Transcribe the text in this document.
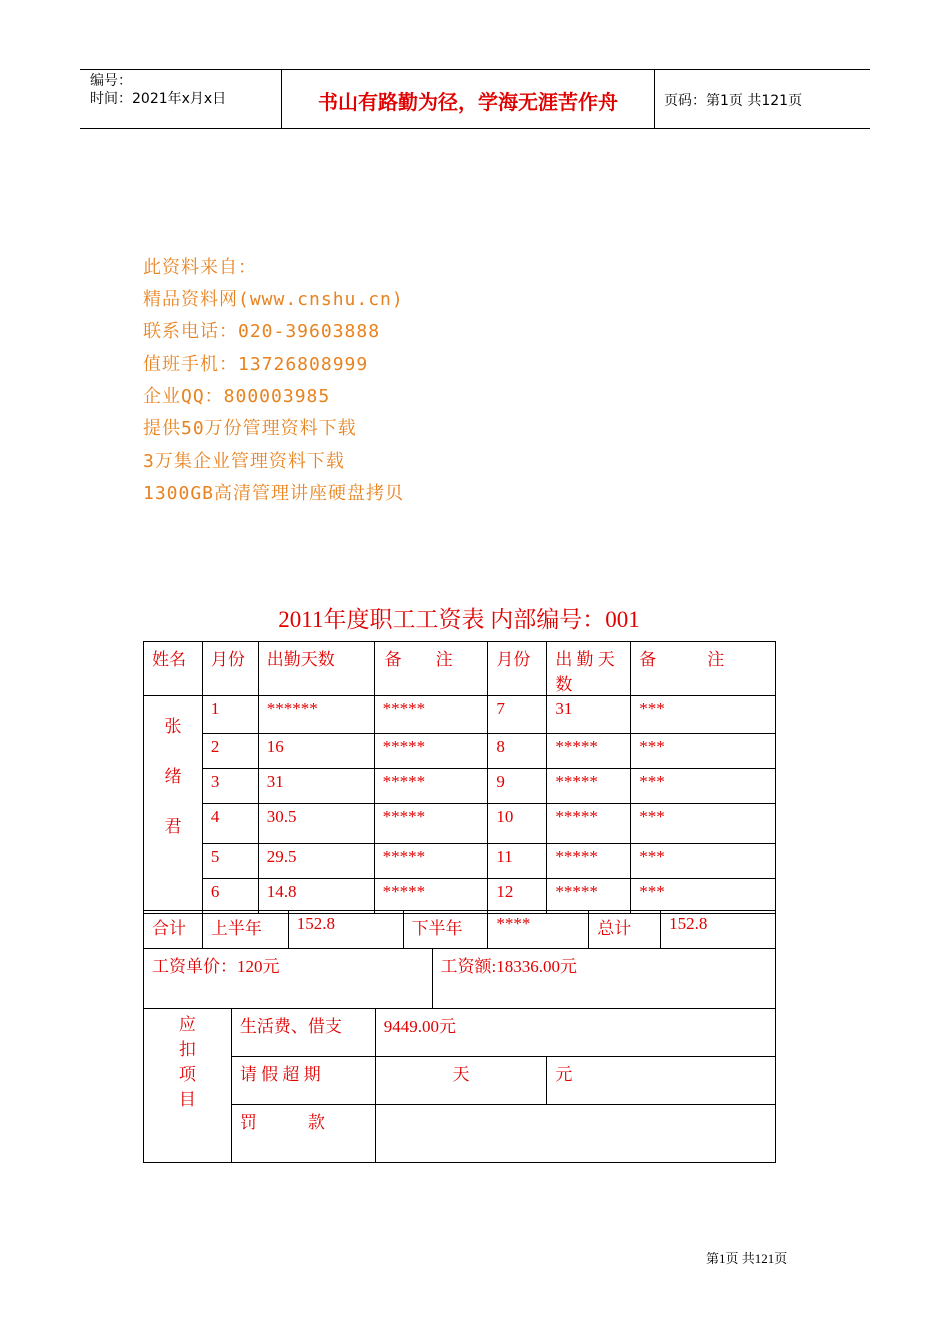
编号：
时间：2021年x月x日	书山有路勤为径，学海无涯苦作舟	页码：第1页 共121页
此资料来自：
精品资料网(www.cnshu.cn)
联系电话：020-39603888
值班手机：13726808999
企业QQ：800003985
提供50万份管理资料下载
3万集企业管理资料下载
1300GB高清管理讲座硬盘拷贝
2011年度职工工资表 内部编号：001
姓名	月份	出勤天数	备　　注	月份	出 勤 天 数	备　　　注
张

绪

君	1	******	*****	7	31	***
	2	16	*****	8	*****	***
	3	31	*****	9	*****	***
	4	30.5	*****	10	*****	***
	5	29.5	*****	11	*****	***
	6	14.8	*****	12	*****	***
合计	上半年	152.8	下半年	****	总计	152.8
工资单价：120元	工资额:18336.00元
应
扣
项
目	生活费、借支	9449.00元	
	请 假 超 期	天	元
	罚　　　款		
第1页 共121页
